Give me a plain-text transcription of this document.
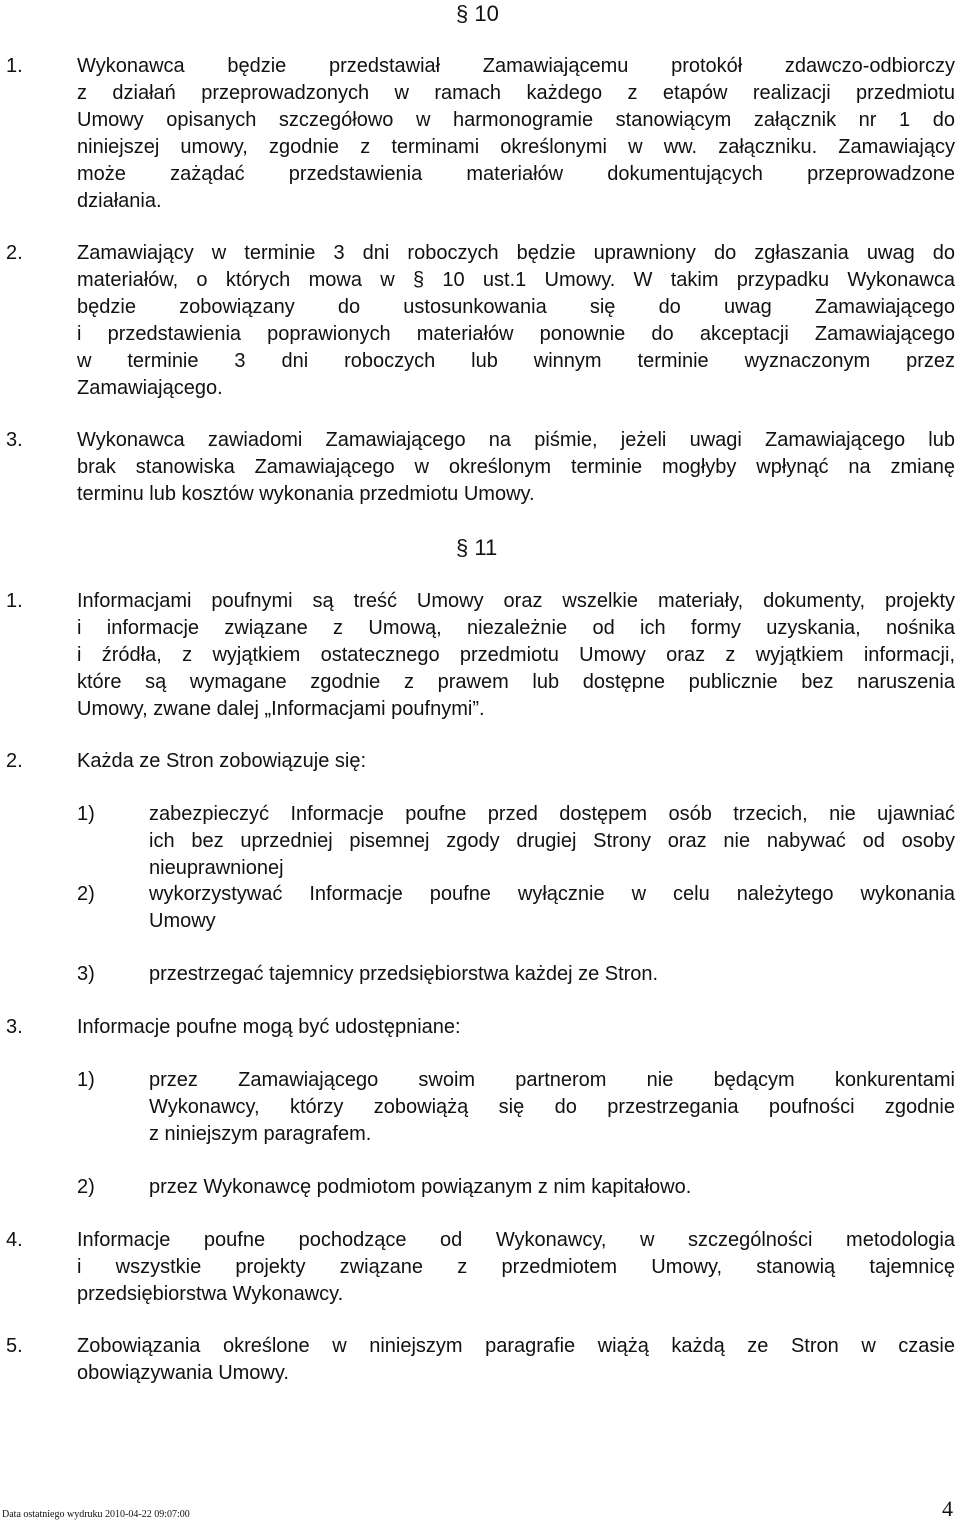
§ 10
1.	Wykonawca będzie przedstawiał Zamawiającemu protokół zdawczo-odbiorczy
z działań przeprowadzonych w ramach każdego z etapów realizacji przedmiotu
Umowy opisanych szczegółowo w harmonogramie stanowiącym załącznik nr 1 do
niniejszej umowy, zgodnie z terminami określonymi w ww. załączniku. Zamawiający
może zażądać przedstawienia materiałów dokumentujących przeprowadzone
działania.
2.	Zamawiający w terminie 3 dni roboczych będzie uprawniony do zgłaszania uwag do
materiałów, o których mowa w § 10 ust.1 Umowy. W takim przypadku Wykonawca
będzie zobowiązany do ustosunkowania się do uwag Zamawiającego
i przedstawienia poprawionych materiałów ponownie do akceptacji Zamawiającego
w terminie 3 dni roboczych lub winnym terminie wyznaczonym przez
Zamawiającego.
3.	Wykonawca zawiadomi Zamawiającego na piśmie, jeżeli uwagi Zamawiającego lub
brak stanowiska Zamawiającego w określonym terminie mogłyby wpłynąć na zmianę
terminu lub kosztów wykonania przedmiotu Umowy.
§ 11
1.	Informacjami poufnymi są treść Umowy oraz wszelkie materiały, dokumenty, projekty
i informacje związane z Umową, niezależnie od ich formy uzyskania, nośnika
i źródła, z wyjątkiem ostatecznego przedmiotu Umowy oraz z wyjątkiem informacji,
które są wymagane zgodnie z prawem lub dostępne publicznie bez naruszenia
Umowy, zwane dalej „Informacjami poufnymi”.
2.	Każda ze Stron zobowiązuje się:
1)	zabezpieczyć Informacje poufne przed dostępem osób trzecich, nie ujawniać
ich bez uprzedniej pisemnej zgody drugiej Strony oraz nie nabywać od osoby
nieuprawnionej
2)	wykorzystywać Informacje poufne wyłącznie w celu należytego wykonania
Umowy
3)	przestrzegać tajemnicy przedsiębiorstwa każdej ze Stron.
3.	Informacje poufne mogą być udostępniane:
1)	przez Zamawiającego swoim partnerom nie będącym konkurentami
Wykonawcy, którzy zobowiążą się do przestrzegania poufności zgodnie
z niniejszym paragrafem.
2)	przez Wykonawcę podmiotom powiązanym z nim kapitałowo.
4.	Informacje poufne pochodzące od Wykonawcy, w szczególności metodologia
i wszystkie projekty związane z przedmiotem Umowy, stanowią tajemnicę
przedsiębiorstwa Wykonawcy.
5.	Zobowiązania określone w niniejszym paragrafie wiążą każdą ze Stron w czasie
obowiązywania Umowy.
Data ostatniego wydruku 2010-04-22 09:07:00	4
